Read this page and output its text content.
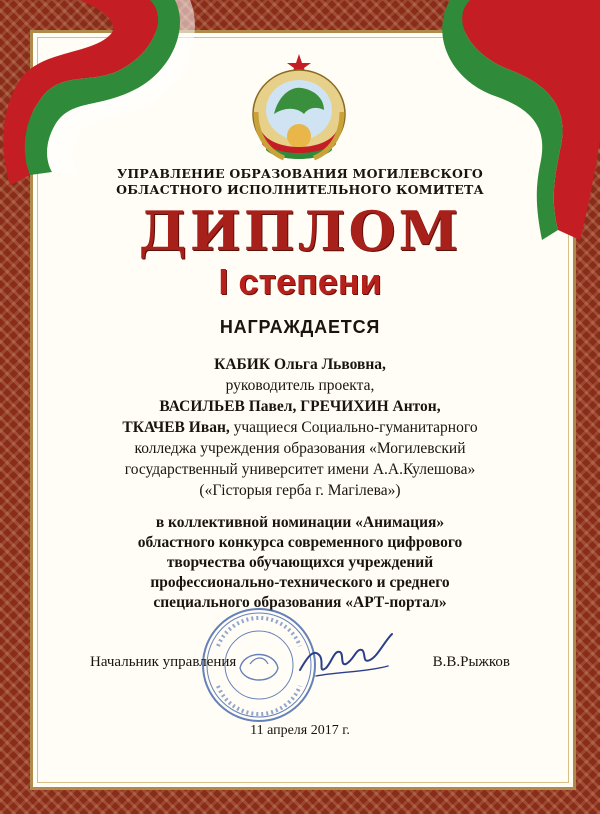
УПРАВЛЕНИЕ ОБРАЗОВАНИЯ МОГИЛЕВСКОГО
ОБЛАСТНОГО ИСПОЛНИТЕЛЬНОГО КОМИТЕТА
ДИПЛОМ
I степени
НАГРАЖДАЕТСЯ
КАБИК Ольга Львовна,
руководитель проекта,
ВАСИЛЬЕВ Павел, ГРЕЧИХИН Антон,
ТКАЧЕВ Иван, учащиеся Социально-гуманитарного
колледжа учреждения образования «Могилевский
государственный университет имени А.А.Кулешова»
(«Гісторыя герба г. Магілева»)
в коллективной номинации «Анимация»
областного конкурса современного цифрового
творчества обучающихся учреждений
профессионально-технического и среднего
специального образования «АРТ-портал»
Начальник управления	В.В.Рыжков
11 апреля 2017 г.
